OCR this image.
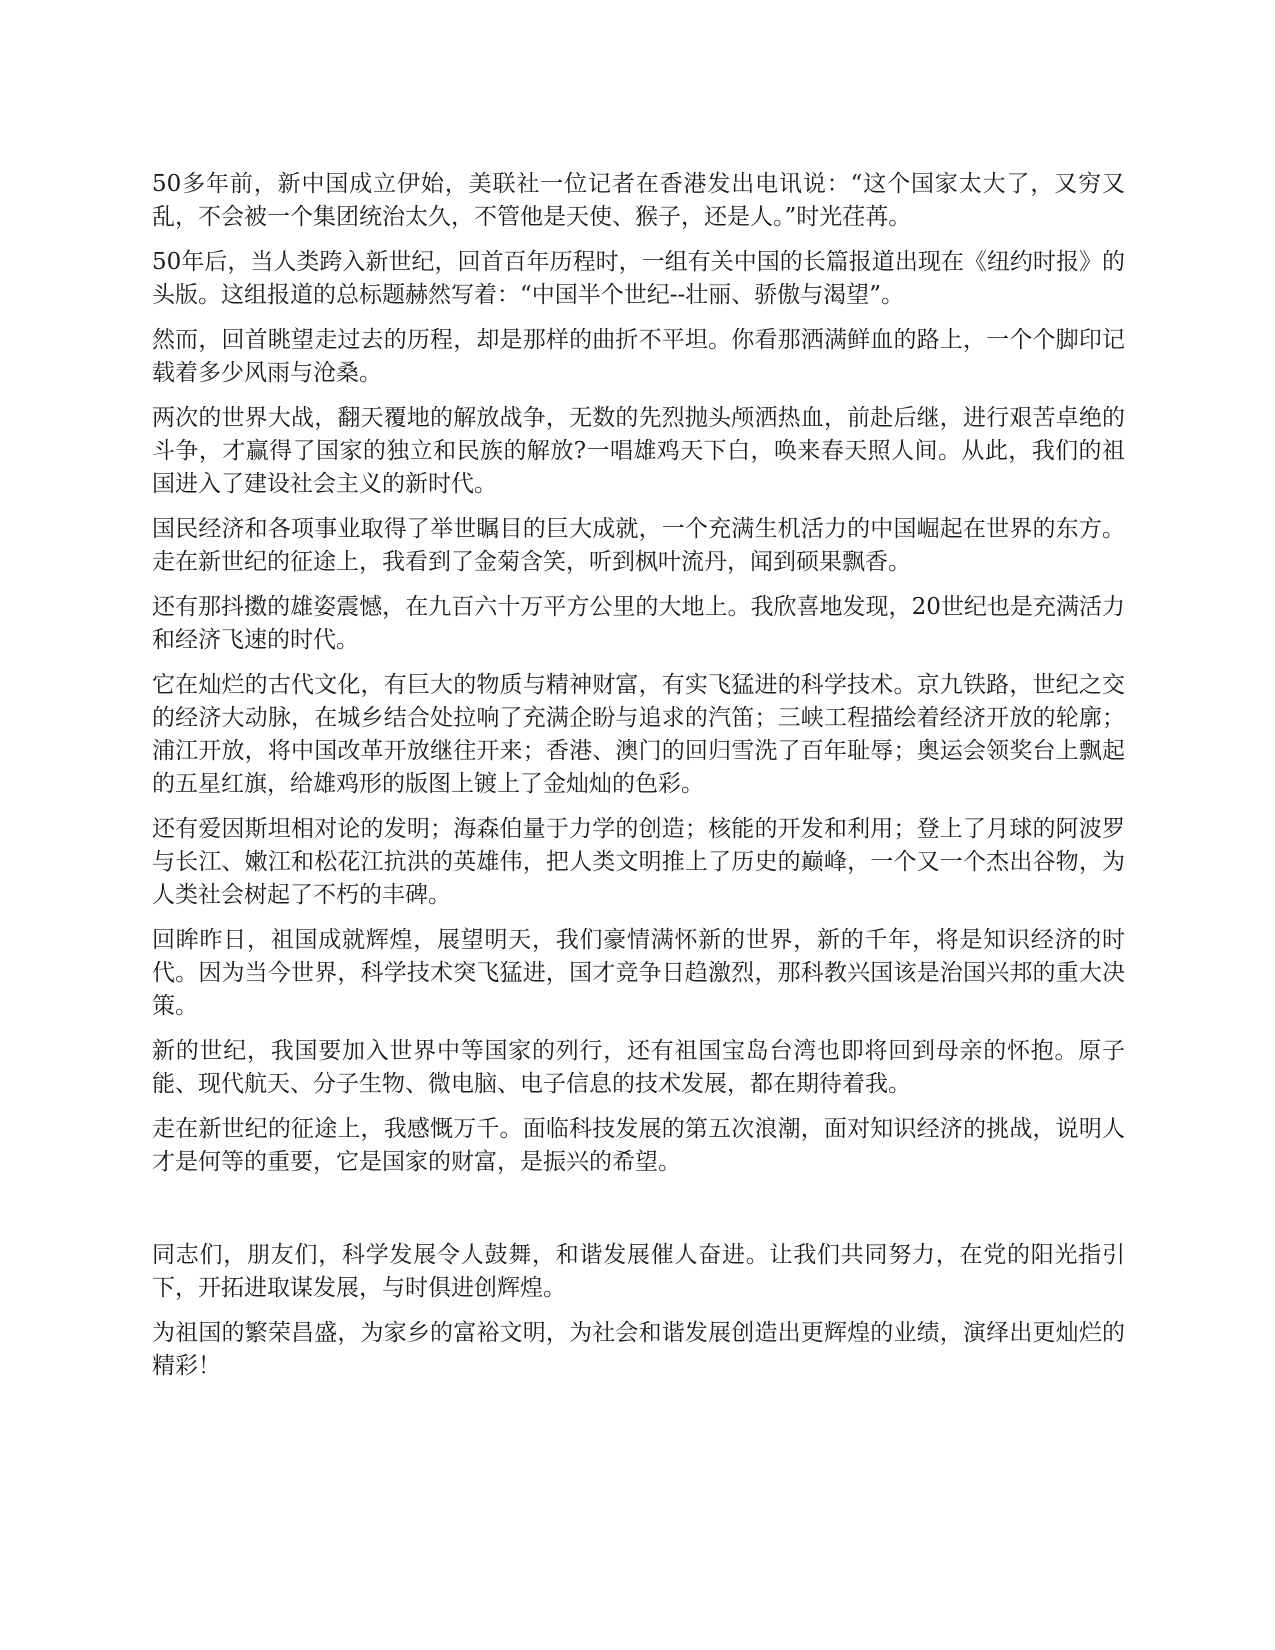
50多年前，新中国成立伊始，美联社一位记者在香港发出电讯说：“这个国家太大了，又穷又乱，不会被一个集团统治太久，不管他是天使、猴子，还是人。”时光荏苒。

50年后，当人类跨入新世纪，回首百年历程时，一组有关中国的长篇报道出现在《纽约时报》的头版。这组报道的总标题赫然写着：“中国半个世纪--壮丽、骄傲与渴望”。

然而，回首眺望走过去的历程，却是那样的曲折不平坦。你看那洒满鲜血的路上，一个个脚印记载着多少风雨与沧桑。

两次的世界大战，翻天覆地的解放战争，无数的先烈抛头颅洒热血，前赴后继，进行艰苦卓绝的斗争，才赢得了国家的独立和民族的解放?一唱雄鸡天下白，唤来春天照人间。从此，我们的祖国进入了建设社会主义的新时代。

国民经济和各项事业取得了举世瞩目的巨大成就，一个充满生机活力的中国崛起在世界的东方。走在新世纪的征途上，我看到了金菊含笑，听到枫叶流丹，闻到硕果飘香。

还有那抖擞的雄姿震憾，在九百六十万平方公里的大地上。我欣喜地发现，20世纪也是充满活力和经济飞速的时代。

它在灿烂的古代文化，有巨大的物质与精神财富，有实飞猛进的科学技术。京九铁路，世纪之交的经济大动脉，在城乡结合处拉响了充满企盼与追求的汽笛；三峡工程描绘着经济开放的轮廓；浦江开放，将中国改革开放继往开来；香港、澳门的回归雪洗了百年耻辱；奥运会领奖台上飘起的五星红旗，给雄鸡形的版图上镀上了金灿灿的色彩。

还有爱因斯坦相对论的发明；海森伯量于力学的创造；核能的开发和利用；登上了月球的阿波罗与长江、嫩江和松花江抗洪的英雄伟，把人类文明推上了历史的巅峰，一个又一个杰出谷物，为人类社会树起了不朽的丰碑。

回眸昨日，祖国成就辉煌，展望明天，我们豪情满怀新的世界，新的千年，将是知识经济的时代。因为当今世界，科学技术突飞猛进，国才竞争日趋激烈，那科教兴国该是治国兴邦的重大决策。

新的世纪，我国要加入世界中等国家的列行，还有祖国宝岛台湾也即将回到母亲的怀抱。原子能、现代航天、分子生物、微电脑、电子信息的技术发展，都在期待着我。

走在新世纪的征途上，我感慨万千。面临科技发展的第五次浪潮，面对知识经济的挑战，说明人才是何等的重要，它是国家的财富，是振兴的希望。

同志们，朋友们，科学发展令人鼓舞，和谐发展催人奋进。让我们共同努力，在党的阳光指引下，开拓进取谋发展，与时俱进创辉煌。

为祖国的繁荣昌盛，为家乡的富裕文明，为社会和谐发展创造出更辉煌的业绩，演绎出更灿烂的精彩！
